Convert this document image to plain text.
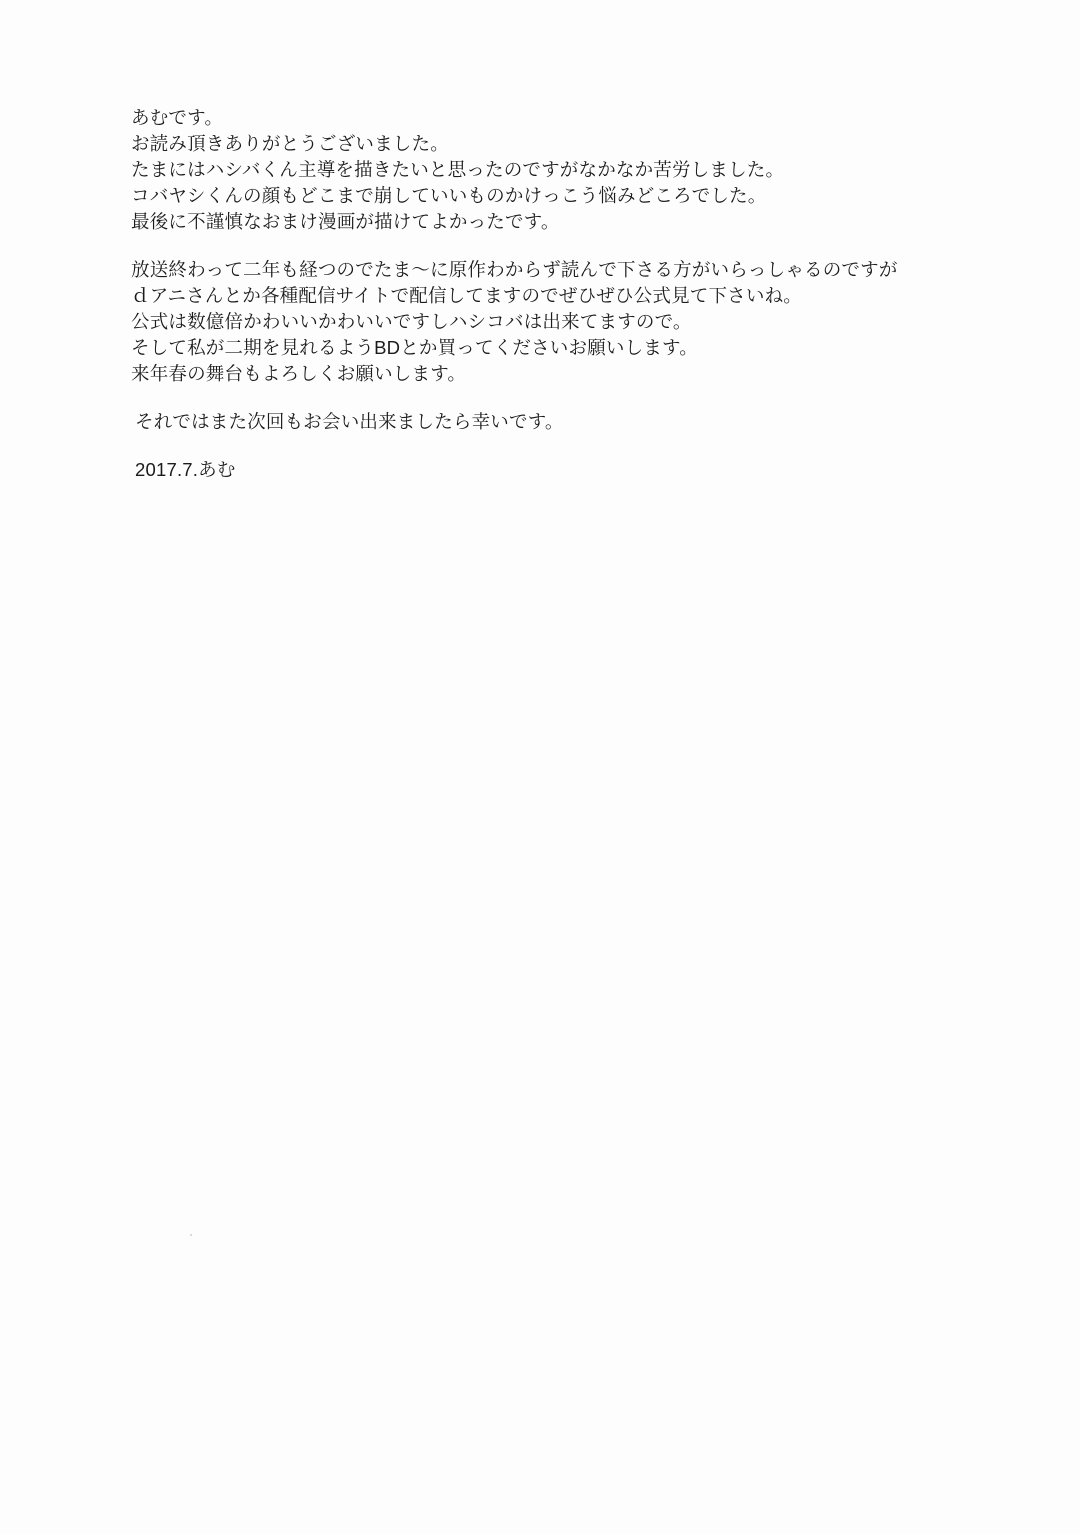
あむです。
お読み頂きありがとうございました。
たまにはハシバくん主導を描きたいと思ったのですがなかなか苦労しました。
コバヤシくんの顔もどこまで崩していいものかけっこう悩みどころでした。
最後に不謹慎なおまけ漫画が描けてよかったです。

放送終わって二年も経つのでたま〜に原作わからず読んで下さる方がいらっしゃるのですが
ｄアニさんとか各種配信サイトで配信してますのでぜひぜひ公式見て下さいね。
公式は数億倍かわいいかわいいですしハシコバは出来てますので。
そして私が二期を見れるようBDとか買ってくださいお願いします。
来年春の舞台もよろしくお願いします。

それではまた次回もお会い出来ましたら幸いです。

2017.7.あむ
